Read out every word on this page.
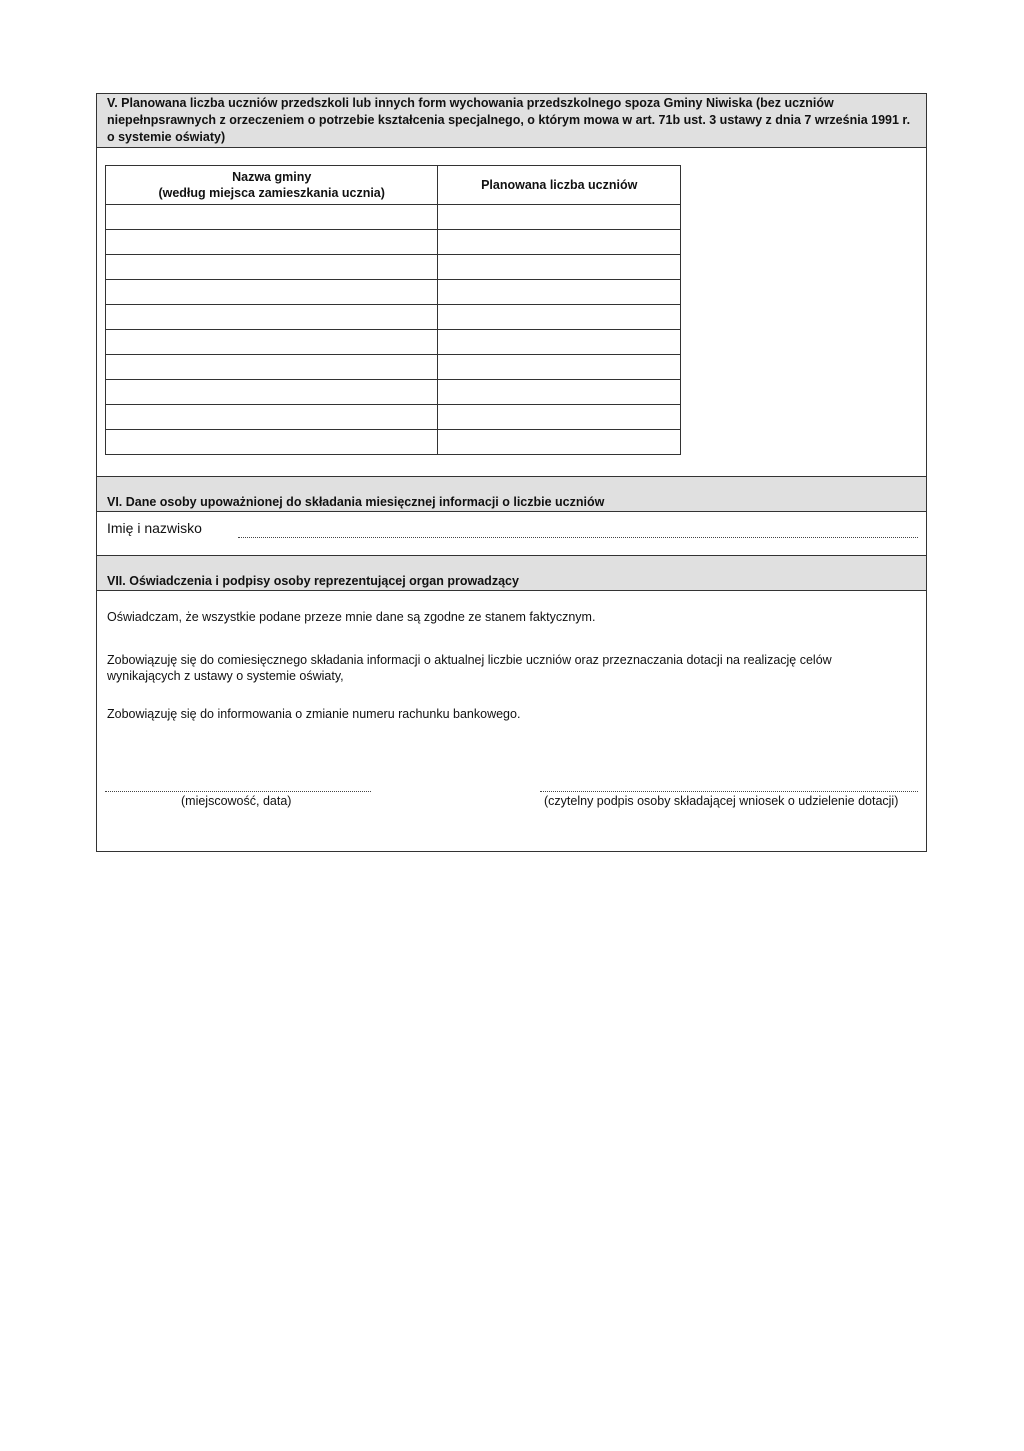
V. Planowana liczba uczniów przedszkoli lub innych form wychowania przedszkolnego spoza Gminy Niwiska (bez uczniów niepełnpsrawnych z orzeczeniem o potrzebie kształcenia specjalnego, o którym mowa w art. 71b ust. 3 ustawy z dnia 7 września 1991 r. o systemie oświaty)
Nazwa gminy
(według miejsca zamieszkania ucznia)	Planowana liczba uczniów

VI. Dane osoby upoważnionej do składania miesięcznej informacji o liczbie uczniów
Imię i nazwisko
VII. Oświadczenia i podpisy osoby reprezentującej organ prowadzący
Oświadczam, że wszystkie podane przeze mnie dane są zgodne ze stanem faktycznym.
Zobowiązuję się do comiesięcznego składania informacji o aktualnej liczbie uczniów oraz przeznaczania dotacji na realizację celów wynikających z ustawy o systemie oświaty,
Zobowiązuję się do informowania o zmianie numeru rachunku bankowego.
(miejscowość, data)	(czytelny podpis osoby składającej wniosek o udzielenie dotacji)
